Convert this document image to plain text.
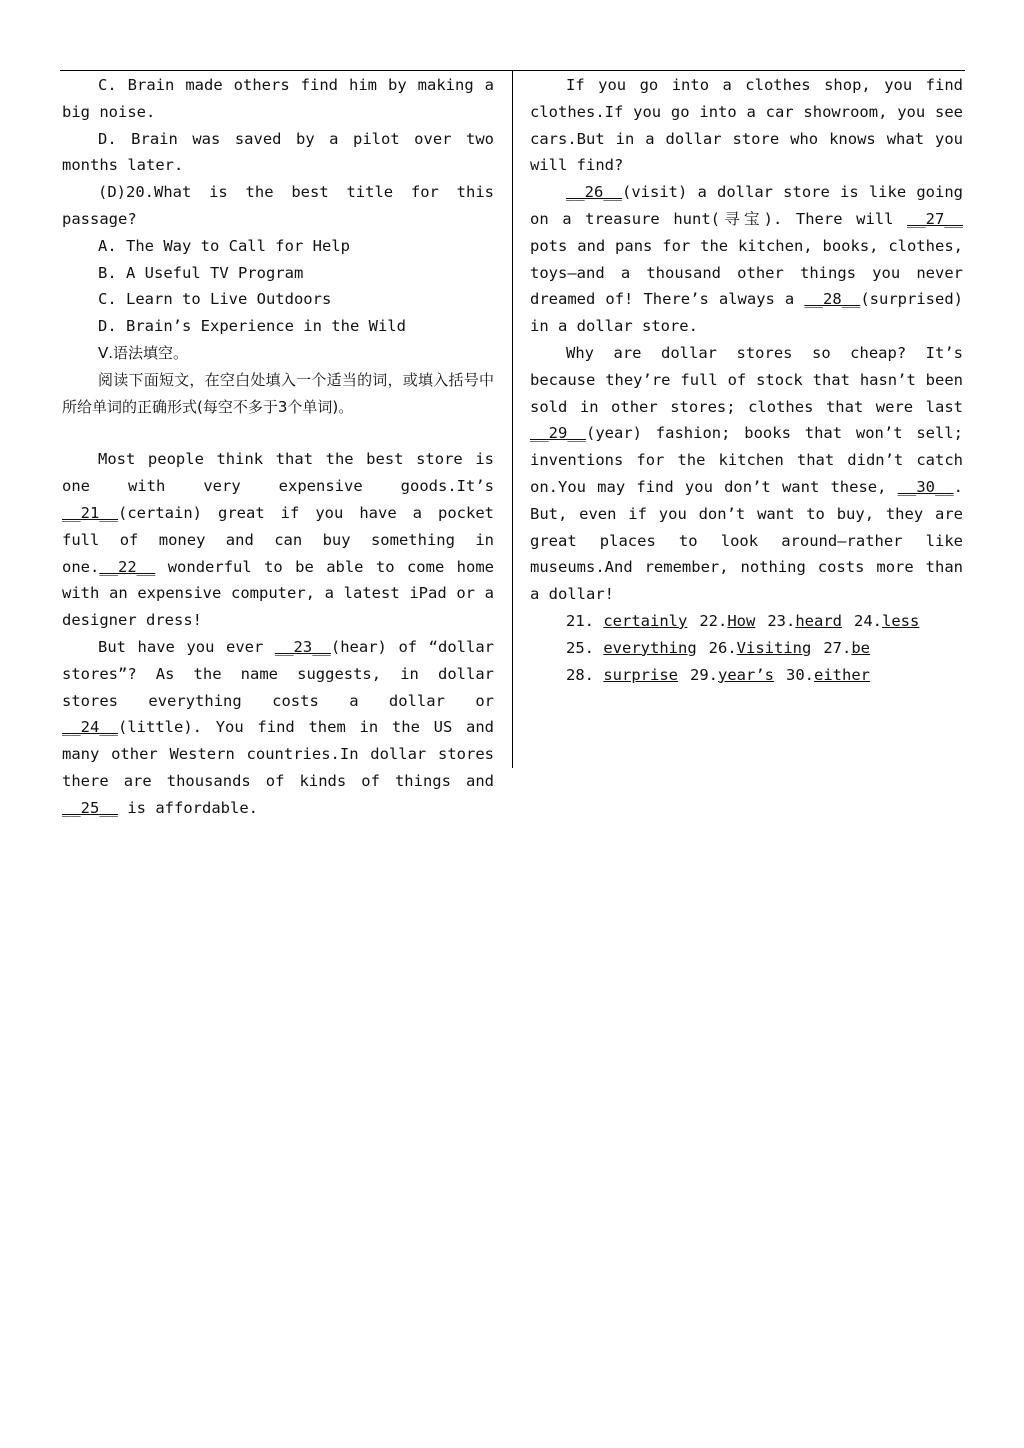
C. Brain made others find him by making a big noise.

D. Brain was saved by a pilot over two months later.

(D)20.What is the best title for this passage?

A. The Way to Call for Help

B. A Useful TV Program

C. Learn to Live Outdoors

D. Brain’s Experience in the Wild

Ⅴ.语法填空。

阅读下面短文，在空白处填入一个适当的词，或填入括号中所给单词的正确形式(每空不多于3个单词)。

Most people think that the best store is one with very expensive goods.It’s __21__(certain) great if you have a pocket full of money and can buy something in one.__22__ wonderful to be able to come home with an expensive computer, a latest iPad or a designer dress!

But have you ever __23__(hear) of “dollar stores”? As the name suggests, in dollar stores everything costs a dollar or __24__(little). You find them in the US and many other Western countries.In dollar stores there are thousands of kinds of things and __25__ is affordable.

If you go into a clothes shop, you find clothes.If you go into a car showroom, you see cars.But in a dollar store who knows what you will find?

__26__(visit) a dollar store is like going on a treasure hunt(寻宝). There will __27__ pots and pans for the kitchen, books, clothes, toys—and a thousand other things you never dreamed of! There’s always a __28__(surprised) in a dollar store.

Why are dollar stores so cheap? It’s because they’re full of stock that hasn’t been sold in other stores; clothes that were last __29__(year) fashion; books that won’t sell; inventions for the kitchen that didn’t catch on.You may find you don’t want these, __30__. But, even if you don’t want to buy, they are great places to look around—rather like museums.And remember, nothing costs more than a dollar!

21. certainly 22.How 23.heard 24.less
25. everything 26.Visiting 27.be
28. surprise 29.year’s 30.either
